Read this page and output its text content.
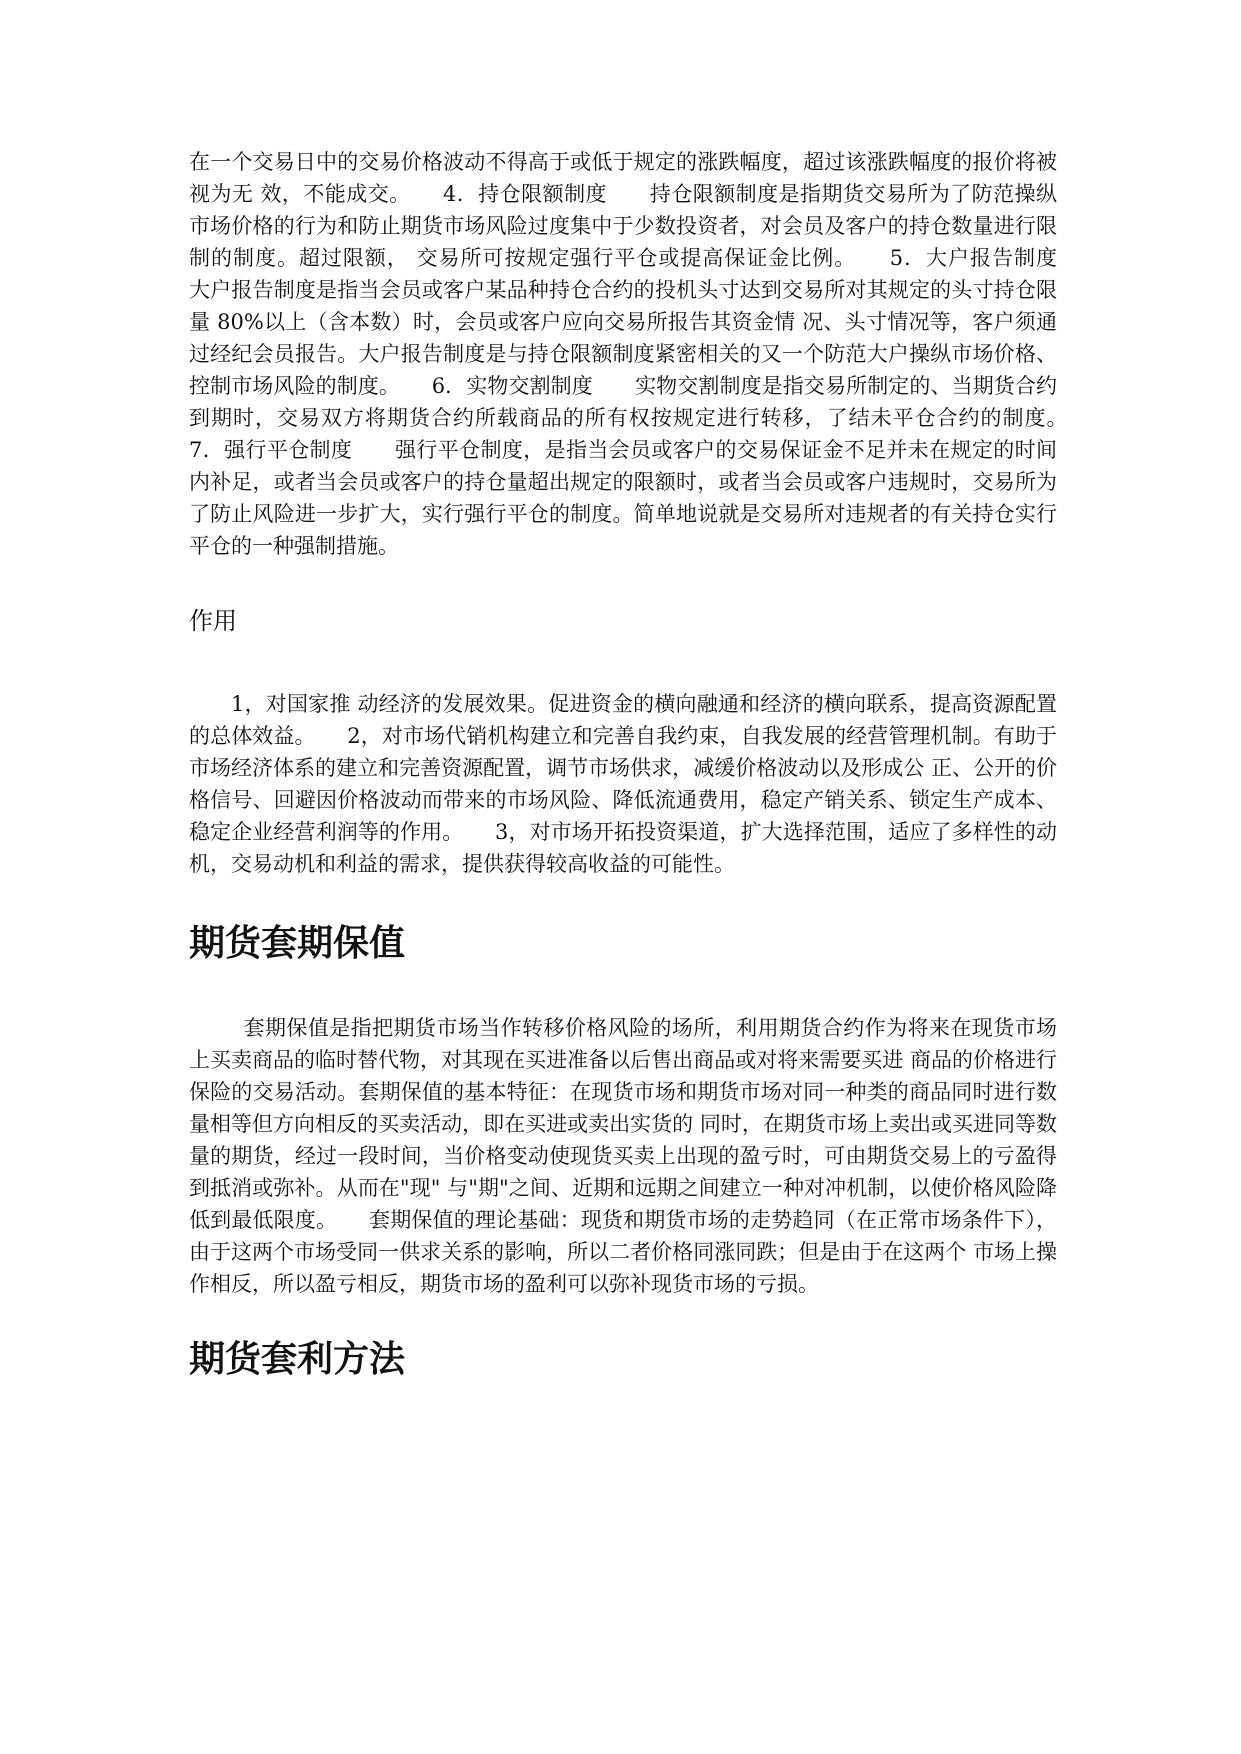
在一个交易日中的交易价格波动不得高于或低于规定的涨跌幅度，超过该涨跌幅度的报价将被视为无 效，不能成交。　　4．持仓限额制度　　持仓限额制度是指期货交易所为了防范操纵市场价格的行为和防止期货市场风险过度集中于少数投资者，对会员及客户的持仓数量进行限制的制度。超过限额， 交易所可按规定强行平仓或提高保证金比例。　　5．大户报告制度　　大户报告制度是指当会员或客户某品种持仓合约的投机头寸达到交易所对其规定的头寸持仓限量 80%以上（含本数）时，会员或客户应向交易所报告其资金情 况、头寸情况等，客户须通过经纪会员报告。大户报告制度是与持仓限额制度紧密相关的又一个防范大户操纵市场价格、控制市场风险的制度。　　6．实物交割制度　　实物交割制度是指交易所制定的、当期货合约到期时，交易双方将期货合约所载商品的所有权按规定进行转移，了结未平仓合约的制度。　　7．强行平仓制度　　强行平仓制度，是指当会员或客户的交易保证金不足并未在规定的时间内补足，或者当会员或客户的持仓量超出规定的限额时，或者当会员或客户违规时，交易所为了防止风险进一步扩大，实行强行平仓的制度。简单地说就是交易所对违规者的有关持仓实行平仓的一种强制措施。

作用

1，对国家推 动经济的发展效果。促进资金的横向融通和经济的横向联系，提高资源配置的总体效益。　　2，对市场代销机构建立和完善自我约束，自我发展的经营管理机制。有助于市场经济体系的建立和完善资源配置，调节市场供求，减缓价格波动以及形成公 正、公开的价格信号、回避因价格波动而带来的市场风险、降低流通费用，稳定产销关系、锁定生产成本、稳定企业经营利润等的作用。　　3，对市场开拓投资渠道，扩大选择范围，适应了多样性的动机，交易动机和利益的需求，提供获得较高收益的可能性。

期货套期保值

套期保值是指把期货市场当作转移价格风险的场所，利用期货合约作为将来在现货市场上买卖商品的临时替代物，对其现在买进准备以后售出商品或对将来需要买进 商品的价格进行保险的交易活动。套期保值的基本特征：在现货市场和期货市场对同一种类的商品同时进行数量相等但方向相反的买卖活动，即在买进或卖出实货的 同时，在期货市场上卖出或买进同等数量的期货，经过一段时间，当价格变动使现货买卖上出现的盈亏时，可由期货交易上的亏盈得到抵消或弥补。从而在"现" 与"期"之间、近期和远期之间建立一种对冲机制，以使价格风险降低到最低限度。　　套期保值的理论基础：现货和期货市场的走势趋同（在正常市场条件下），由于这两个市场受同一供求关系的影响，所以二者价格同涨同跌；但是由于在这两个 市场上操作相反，所以盈亏相反，期货市场的盈利可以弥补现货市场的亏损。

期货套利方法
